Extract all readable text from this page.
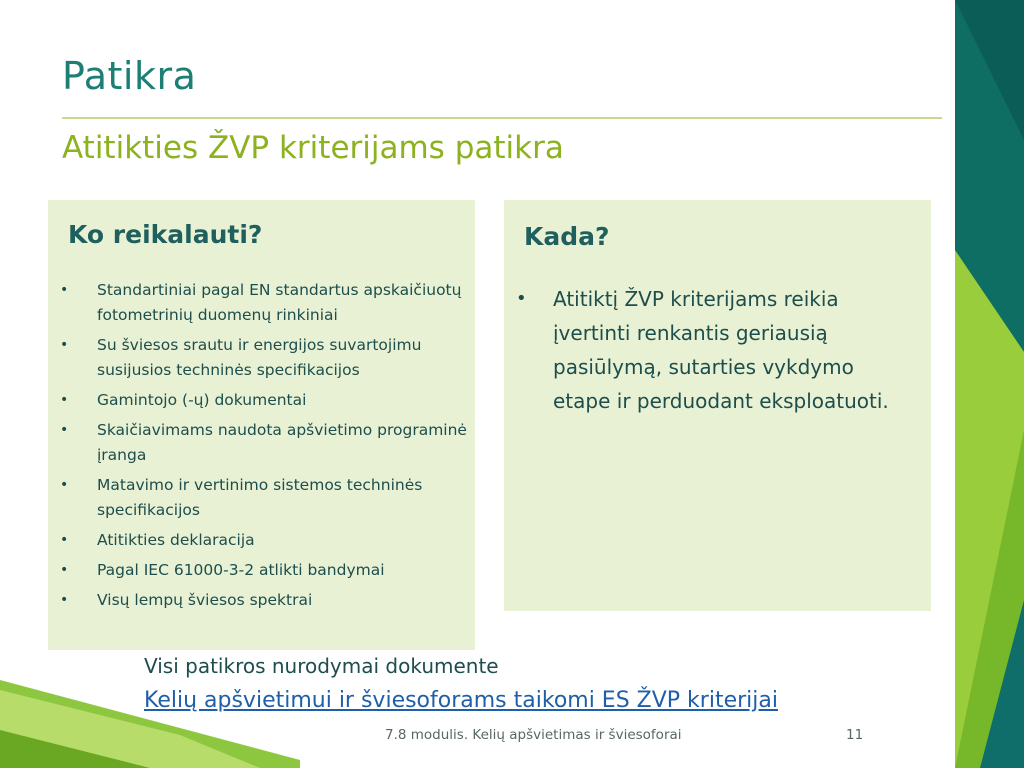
Patikra
Atitikties ŽVP kriterijams patikra
Ko reikalauti?
• Standartiniai pagal EN standartus apskaičiuotų fotometrinių duomenų rinkiniai
• Su šviesos srautu ir energijos suvartojimu susijusios techninės specifikacijos
• Gamintojo (-ų) dokumentai
• Skaičiavimams naudota apšvietimo programinė įranga
• Matavimo ir vertinimo sistemos techninės specifikacijos
• Atitikties deklaracija
• Pagal IEC 61000-3-2 atlikti bandymai
• Visų lempų šviesos spektrai
Kada?
• Atitiktį ŽVP kriterijams reikia įvertinti renkantis geriausią pasiūlymą, sutarties vykdymo etape ir perduodant eksploatuoti.

Visi patikros nurodymai dokumente

Kelių apšvietimui ir šviesoforams taikomi ES ŽVP kriterijai
7.8 modulis. Kelių apšvietimas ir šviesoforai	11
